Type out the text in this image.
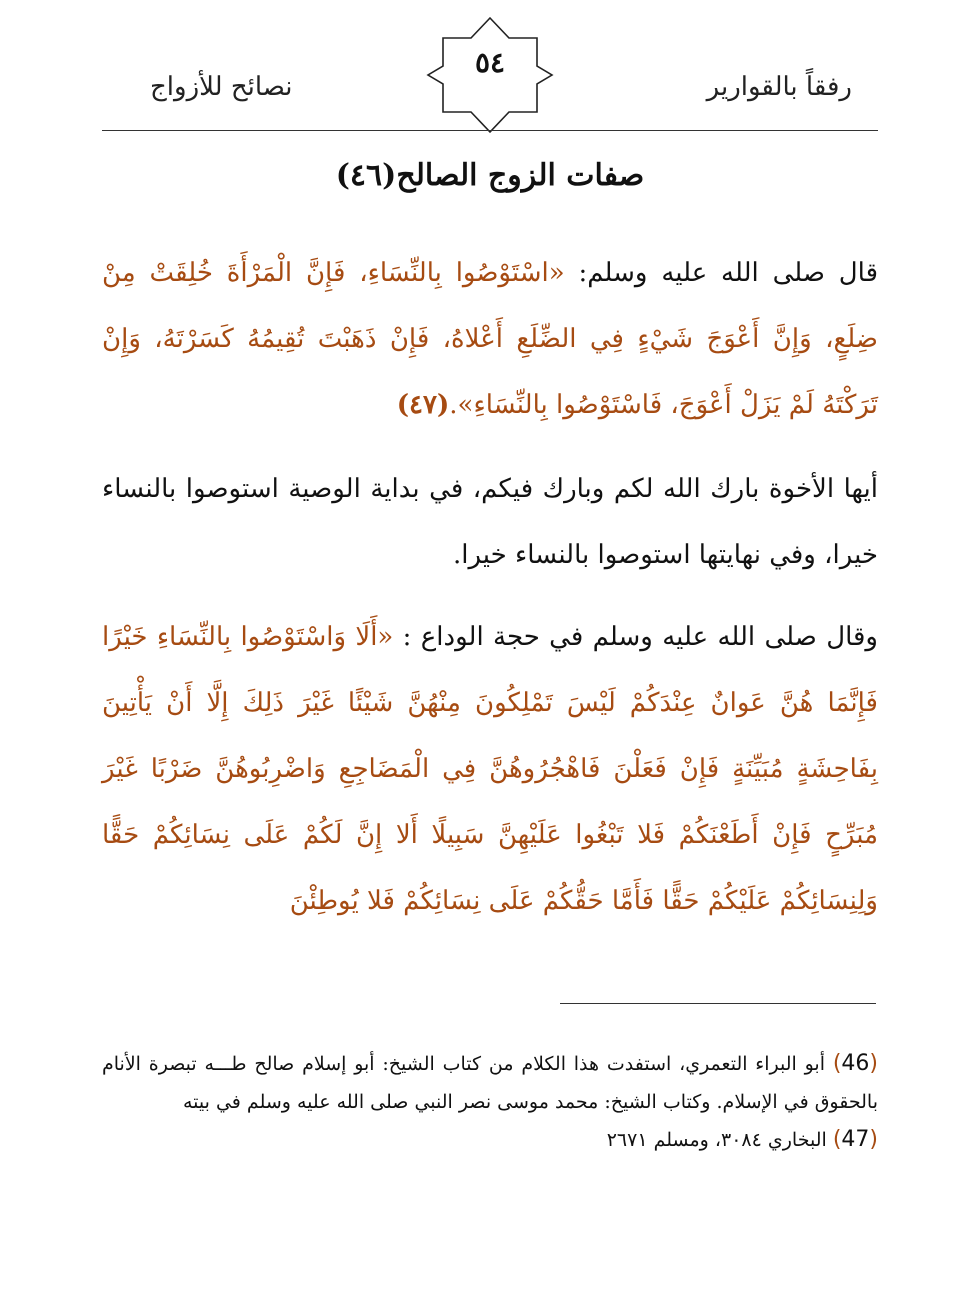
رفقاً بالقوارير
نصائح للأزواج
٥٤
صفات الزوج الصالح(٤٦)
قال صلى الله عليه وسلم: «اسْتَوْصُوا بِالنِّسَاءِ، فَإِنَّ الْمَرْأَةَ خُلِقَتْ مِنْ ضِلَعٍ، وَإِنَّ أَعْوَجَ شَيْءٍ فِي الضِّلَعِ أَعْلاهُ، فَإِنْ ذَهَبْتَ تُقِيمُهُ كَسَرْتَهُ، وَإِنْ تَرَكْتَهُ لَمْ يَزَلْ أَعْوَجَ، فَاسْتَوْصُوا بِالنِّسَاءِ».(٤٧)
أيها الأخوة بارك الله لكم وبارك فيكم، في بداية الوصية استوصوا بالنساء خيرا، وفي نهايتها استوصوا بالنساء خيرا.
وقال صلى الله عليه وسلم في حجة الوداع : «أَلَا وَاسْتَوْصُوا بِالنِّسَاءِ خَيْرًا فَإِنَّمَا هُنَّ عَوانٌ عِنْدَكُمْ لَيْسَ تَمْلِكُونَ مِنْهُنَّ شَيْئًا غَيْرَ ذَلِكَ إِلَّا أَنْ يَأْتِينَ بِفَاحِشَةٍ مُبَيِّنَةٍ فَإِنْ فَعَلْنَ فَاهْجُرُوهُنَّ فِي الْمَضَاجِعِ وَاضْرِبُوهُنَّ ضَرْبًا غَيْرَ مُبَرِّحٍ فَإِنْ أَطَعْنَكُمْ فَلا تَبْغُوا عَلَيْهِنَّ سَبِيلًا أَلا إِنَّ لَكُمْ عَلَى نِسَائِكُمْ حَقًّا وَلِنِسَائِكُمْ عَلَيْكُمْ حَقًّا فَأَمَّا حَقُّكُمْ عَلَى نِسَائِكُمْ فَلا يُوطِئْنَ
(46) أبو البراء التعمري، استفدت هذا الكلام من كتاب الشيخ: أبو إسلام صالح طـــه تبصرة الأنام بالحقوق في الإسلام. وكتاب الشيخ: محمد موسى نصر النبي صلى الله عليه وسلم في بيته
(47) البخاري ٣٠٨٤، ومسلم ٢٦٧١
